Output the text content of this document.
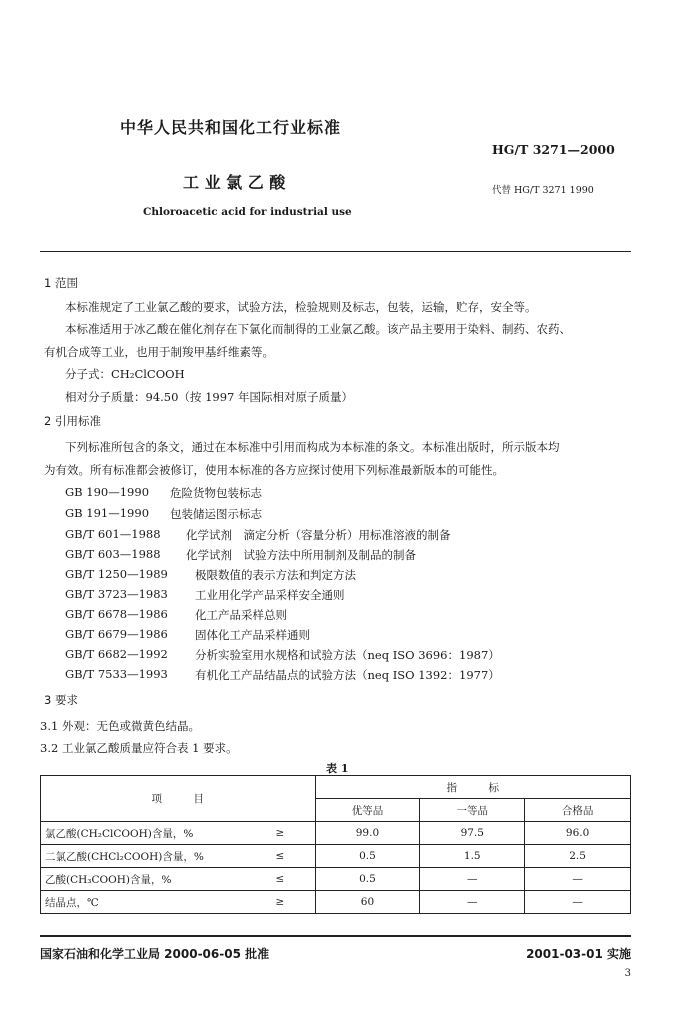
中华人民共和国化工行业标准
HG/T 3271—2000
工 业 氯 乙 酸	代替 HG/T 3271 1990
Chloroacetic acid for industrial use
1 范围
本标准规定了工业氯乙酸的要求，试验方法，检验规则及标志，包装，运输，贮存，安全等。
本标准适用于冰乙酸在催化剂存在下氯化而制得的工业氯乙酸。该产品主要用于染料、制药、农药、
有机合成等工业，也用于制羧甲基纤维素等。
分子式：CH₂ClCOOH
相对分子质量：94.50（按 1997 年国际相对原子质量）
2 引用标准
下列标准所包含的条文，通过在本标准中引用而构成为本标准的条文。本标准出版时，所示版本均
为有效。所有标准都会被修订，使用本标准的各方应探讨使用下列标准最新版本的可能性。
GB 190—1990 危险货物包装标志
GB 191—1990 包装储运图示标志
GB/T 601—1988 化学试剂　滴定分析（容量分析）用标准溶液的制备
GB/T 603—1988 化学试剂　试验方法中所用制剂及制品的制备
GB/T 1250—1989 极限数值的表示方法和判定方法
GB/T 3723—1983 工业用化学产品采样安全通则
GB/T 6678—1986 化工产品采样总则
GB/T 6679—1986 固体化工产品采样通则
GB/T 6682—1992 分析实验室用水规格和试验方法（neq ISO 3696：1987）
GB/T 7533—1993 有机化工产品结晶点的试验方法（neq ISO 1392：1977）
3 要求
3.1 外观：无色或微黄色结晶。
3.2 工业氯乙酸质量应符合表 1 要求。
表 1
项　　　目		指　　　标		
		优等品	一等品	合格品
氯乙酸(CH₂ClCOOH)含量，%	≥	99.0	97.5	96.0
二氯乙酸(CHCl₂COOH)含量，%	≤	0.5	1.5	2.5
乙酸(CH₃COOH)含量，%	≤	0.5	—	—
结晶点，℃	≥	60	—	—
国家石油和化学工业局 2000-06-05 批准	2001-03-01 实施
3
